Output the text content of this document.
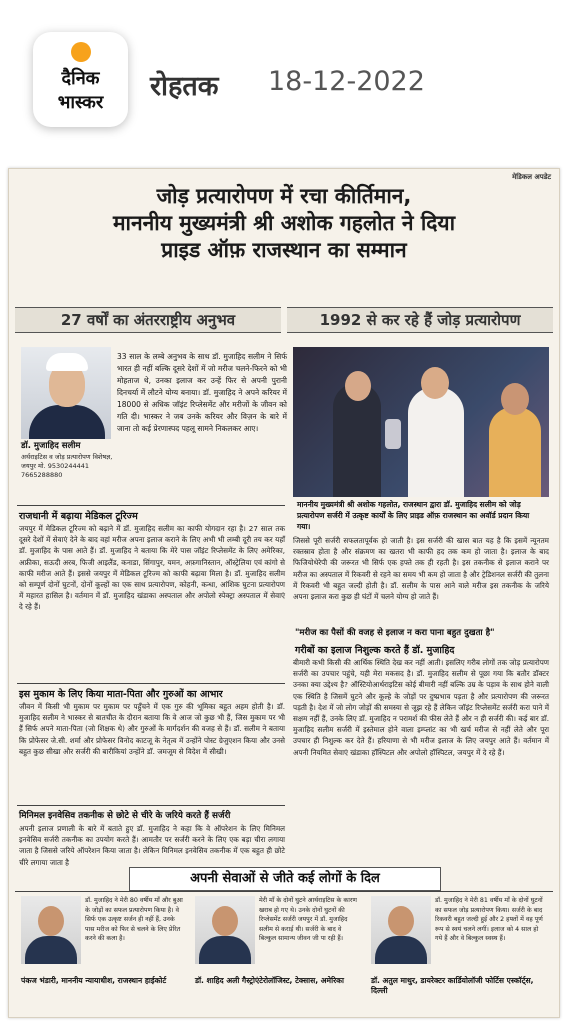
दैनिक
भास्कर
रोहतक 18-12-2022
मेडिकल अपडेट
जोड़ प्रत्यारोपण में रचा कीर्तिमान,
माननीय मुख्यमंत्री श्री अशोक गहलोत ने दिया
प्राइड ऑफ़ राजस्थान का सम्मान
27 वर्षों का अंतरराष्ट्रीय अनुभव	1992 से कर रहे हैं जोड़ प्रत्यारोपण
डॉ. मुजाहिद सलीम
अर्थराइटिस व जोड़ प्रत्यारोपण विशेषज्ञ, जयपुर मो. 9530244441 7665288880
33 साल के लम्बे अनुभव के साथ डॉ. मुजाहिद सलीम ने सिर्फ भारत ही नहीं बल्कि दूसरे देशों में जो मरीज चलने-फिरने को भी मोहताज थे, उनका इलाज कर उन्हें फिर से अपनी पुरानी दिनचर्या में लौटने योग्य बनाया। डॉ. मुजाहिद ने अपने करियर में 18000 से अधिक जॉइंट रिप्लेसमेंट और मरीजों के जीवन को गति दी। भास्कर ने जब उनके करियर और विज़न के बारे में जाना तो कई प्रेरणास्पद पहलू सामने निकलकर आए।
माननीय मुख्यमंत्री श्री अशोक गहलोत, राजस्थान द्वारा डॉ. मुजाहिद सलीम को जोड़ प्रत्यारोपण सर्जरी में उत्कृष्ट कार्यों के लिए प्राइड ऑफ़ राजस्थान का अवॉर्ड प्रदान किया गया।
राजधानी में बढ़ाया मेडिकल टूरिज्म
जयपुर में मेडिकल टूरिज्म को बढ़ाने में डॉ. मुजाहिद सलीम का काफी योगदान रहा है। 27 साल तक दूसरे देशों में सेवाएं देने के बाद वहां मरीज अपना इलाज कराने के लिए अभी भी लम्बी दूरी तय कर यहाँ डॉ. मुजाहिद के पास आते हैं। डॉ. मुजाहिद ने बताया कि मेरे पास जॉइंट रिप्लेसमेंट के लिए अमेरिका, अफ्रीका, सऊदी अरब, फिजी आइलैंड, कनाडा, सिंगापुर, यमन, अफ़गानिस्तान, ऑस्ट्रेलिया एवं कांगो से काफी मरीज आते हैं। इससे जयपुर में मेडिकल टूरिज्म को काफी बढ़ावा मिला है। डॉ. मुजाहिद सलीम को सम्पूर्ण दोनों घुटनों, दोनों कूल्हों का एक साथ प्रत्यारोपण, कोहनी, कन्धा, आंशिक घुटना प्रत्यारोपण में महारत हासिल है। वर्तमान में डॉ. मुजाहिद खंडाका अस्पताल और अपोलो स्पेक्ट्रा अस्पताल में सेवाएं दे रहे हैं।
इस मुकाम के लिए किया माता-पिता और गुरुओं का आभार
जीवन में किसी भी मुकाम पर मुकाम पर पहुँचने में एक गुरु की भूमिका बहुत अहम होती है। डॉ. मुजाहिद सलीम ने भास्कर से बातचीत के दौरान बताया कि वे आज जो कुछ भी हैं, जिस मुकाम पर भी हैं सिर्फ अपने माता-पिता (जो शिक्षक थे) और गुरुओं के मार्गदर्शन की वजह से हैं। डॉ. सलीम ने बताया कि प्रोफेसर जे.सी. शर्मा और प्रोफेसर विनोद काटजू के नेतृत्व में उन्होंने पोस्ट ग्रेजुएशन किया और उनसे बहुत कुछ सीखा और सर्जरी की बारीकियां उन्होंने डॉ. जमजूम से विदेश में सीखी।
मिनिमल इनवेसिव तकनीक से छोटे से चीरे के जरिये करते हैं सर्जरी
अपनी इलाज प्रणाली के बारे में बताते हुए डॉ. मुजाहिद ने कहा कि वे ऑपरेशन के लिए मिनिमल इनवेसिव सर्जरी तकनीक का उपयोग करते हैं। आमतौर पर सर्जरी करने के लिए एक बड़ा चीरा लगाया जाता है जिससे जरिये ऑपरेशन किया जाता है। लेकिन मिनिमल इनवेसिव तकनीक में एक बहुत ही छोटे चीरे लगाया जाता है
जिससे पूरी सर्जरी सफलतापूर्वक हो जाती है। इस सर्जरी की खास बात यह है कि इसमें न्यूनतम रक्तस्राव होता है और संक्रमण का खतरा भी काफी हद तक कम हो जाता है। इलाज के बाद फिजियोथेरेपी की जरूरत भी सिर्फ एक हफ्ते तक ही रहती है। इस तकनीक से इलाज कराने पर मरीज का अस्पताल में रिकवरी से रहने का समय भी कम हो जाता है और ट्रेडिशनल सर्जरी की तुलना में रिकवरी भी बहुत जल्दी होती है। डॉ. सलीम के पास आने वाले मरीज इस तकनीक के जरिये अपना इलाज करा कुछ ही घंटों में चलने योग्य हो जाते हैं।
"मरीज का पैसों की वजह से इलाज न करा पाना बहुत दुखता है"
गरीबों का इलाज निशुल्क करते हैं डॉ. मुजाहिद
बीमारी कभी किसी की आर्थिक स्थिति देख कर नहीं आती। इसलिए गरीब लोगों तक जोड़ प्रत्यारोपण सर्जरी का उपचार पहुंचे, यही मेरा मकसद है। डॉ. मुजाहिद सलीम से पूछा गया कि बतौर डॉक्टर उनका क्या उद्देश्य है? ऑस्टियोआर्थराइटिस कोई बीमारी नहीं बल्कि उम्र के पड़ाव के साथ होने वाली एक स्थिति है जिसमें घुटने और कूल्हे के जोड़ों पर दुष्प्रभाव पड़ता है और प्रत्यारोपण की जरूरत पड़ती है। देश में जो लोग जोड़ों की समस्या से जूझ रहे हैं लेकिन जॉइंट रिप्लेसमेंट सर्जरी करा पाने में सक्षम नहीं हैं, उनके लिए डॉ. मुजाहिद न परामर्श की फीस लेते हैं और न ही सर्जरी की। कई बार डॉ. मुजाहिद सलीम सर्जरी में इस्तेमाल होने वाला इम्प्लांट का भी खर्च मरीज से नहीं लेते और पूरा उपचार ही निशुल्क कर देते हैं। हरियाणा से भी मरीज इलाज के लिए जयपुर आते हैं। वर्तमान में अपनी नियमित सेवाएं खंडाका हॉस्पिटल और अपोलो हॉस्पिटल, जयपुर में दे रहे हैं।
अपनी सेवाओं से जीते कई लोगों के दिल
डॉ. मुजाहिद ने मेरी 80 वर्षीय माँ और बुआ के जोड़ों का सफल प्रत्यारोपण किया है। वे सिर्फ एक उत्कृष्ट सर्जन ही नहीं हैं, उनके पास मरीज को फिर से चलने के लिए प्रेरित करने की कला है।
पंकज भंडारी, माननीय न्यायाधीश, राजस्थान हाईकोर्ट
मेरी माँ के दोनों घुटने आर्थराइटिस के कारण खराब हो गए थे। उनके दोनों घुटनों की रिप्लेसमेंट सर्जरी जयपुर में डॉ. मुजाहिद सलीम से कराई थी। सर्जरी के बाद वे बिल्कुल सामान्य जीवन जी पा रही हैं।
डॉ. शाहिद अली गैस्ट्रोएंटेरोलॉजिस्ट, टेक्सास, अमेरिका
डॉ. मुजाहिद ने मेरी 81 वर्षीय माँ के दोनों घुटनों का सफल जोड़ प्रत्यारोपण किया। सर्जरी के बाद रिकवरी बहुत जल्दी हुई और 2 हफ्तों में वह पूर्ण रूप से स्वयं चलने लगीं। इलाज को 4 साल हो गये हैं और वे बिल्कुल स्वस्थ हैं।
डॉ. अतुल माथुर, डायरेक्टर कार्डियोलॉजी फोर्टिस एस्कॉर्ट्स, दिल्ली
